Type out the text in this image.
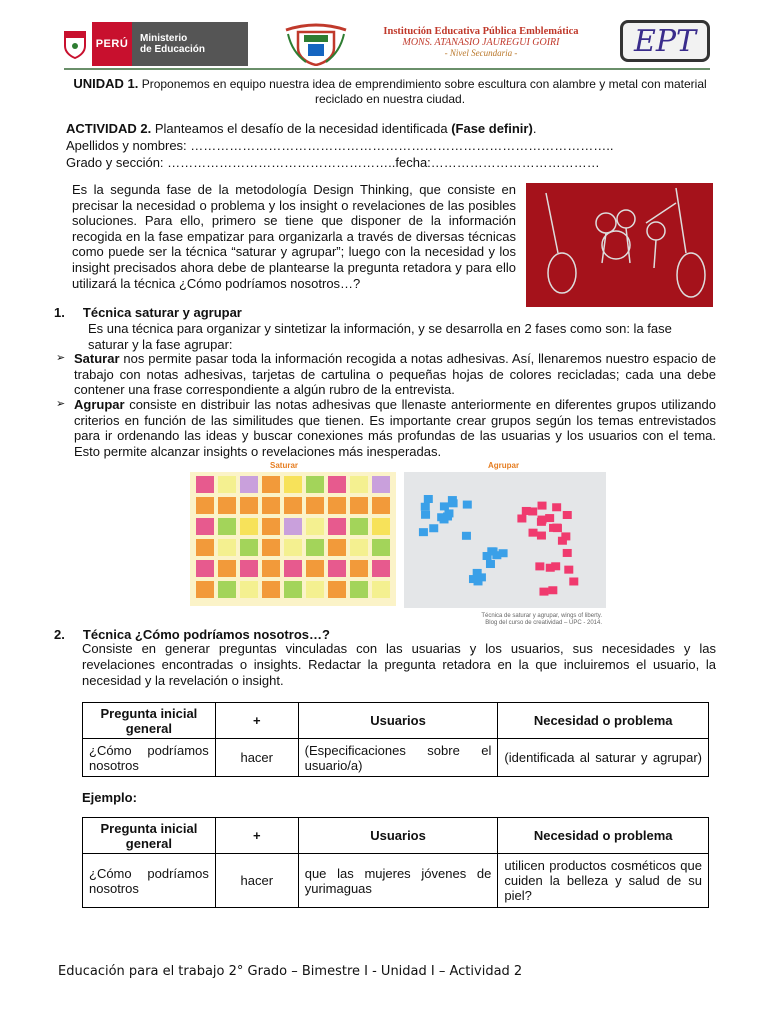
PERÚ	Ministerio
de Educación
Institución Educativa Pública Emblemática
MONS. ATANASIO JAUREGUI GOIRI
- Nivel Secundaria -	EPT
UNIDAD 1. Proponemos en equipo nuestra idea de emprendimiento sobre escultura con alambre y metal con material reciclado en nuestra ciudad.
ACTIVIDAD 2. Planteamos el desafío de la necesidad identificada (Fase definir).
Apellidos y nombres: ……………………………………………………………………………………..
Grado y sección: ……………………………………………..fecha:…………………………………
Es la segunda fase de la metodología Design Thinking, que consiste en precisar la necesidad o problema y los insight o revelaciones de las posibles soluciones. Para ello, primero se tiene que disponer de la información recogida en la fase empatizar para organizarla a través de diversas técnicas como puede ser la técnica “saturar y agrupar”; luego con la necesidad y los insight precisados ahora debe de plantearse la pregunta retadora y para ello utilizará la técnica ¿Cómo podríamos nosotros…?
1. Técnica saturar y agrupar
Es una técnica para organizar y sintetizar la información, y se desarrolla en 2 fases como son: la fase saturar y la fase agrupar:
➢ Saturar nos permite pasar toda la información recogida a notas adhesivas. Así, llenaremos nuestro espacio de trabajo con notas adhesivas, tarjetas de cartulina o pequeñas hojas de colores recicladas; cada una debe contener una frase correspondiente a algún rubro de la entrevista.
➢ Agrupar consiste en distribuir las notas adhesivas que llenaste anteriormente en diferentes grupos utilizando criterios en función de las similitudes que tienen. Es importante crear grupos según los temas entrevistados para ir ordenando las ideas y buscar conexiones más profundas de las usuarias y los usuarios con el tema. Esto permite alcanzar insights o revelaciones más inesperadas.
Saturar	Agrupar
Técnica de saturar y agrupar, wings of liberty.
Blog del curso de creatividad – UPC - 2014.
2. Técnica ¿Cómo podríamos nosotros…?
Consiste en generar preguntas vinculadas con las usuarias y los usuarios, sus necesidades y las revelaciones encontradas o insights. Redactar la pregunta retadora en la que incluiremos el usuario, la necesidad y la revelación o insight.
Pregunta inicial general	+	Usuarios	Necesidad o problema
¿Cómo podríamos nosotros	hacer	(Especificaciones sobre el usuario/a)	(identificada al saturar y agrupar)
Ejemplo:
Pregunta inicial general	+	Usuarios	Necesidad o problema
¿Cómo podríamos nosotros	hacer	que las mujeres jóvenes de yurimaguas	utilicen productos cosméticos que cuiden la belleza y salud de su piel?
Educación para el trabajo 2° Grado – Bimestre I - Unidad I – Actividad 2
